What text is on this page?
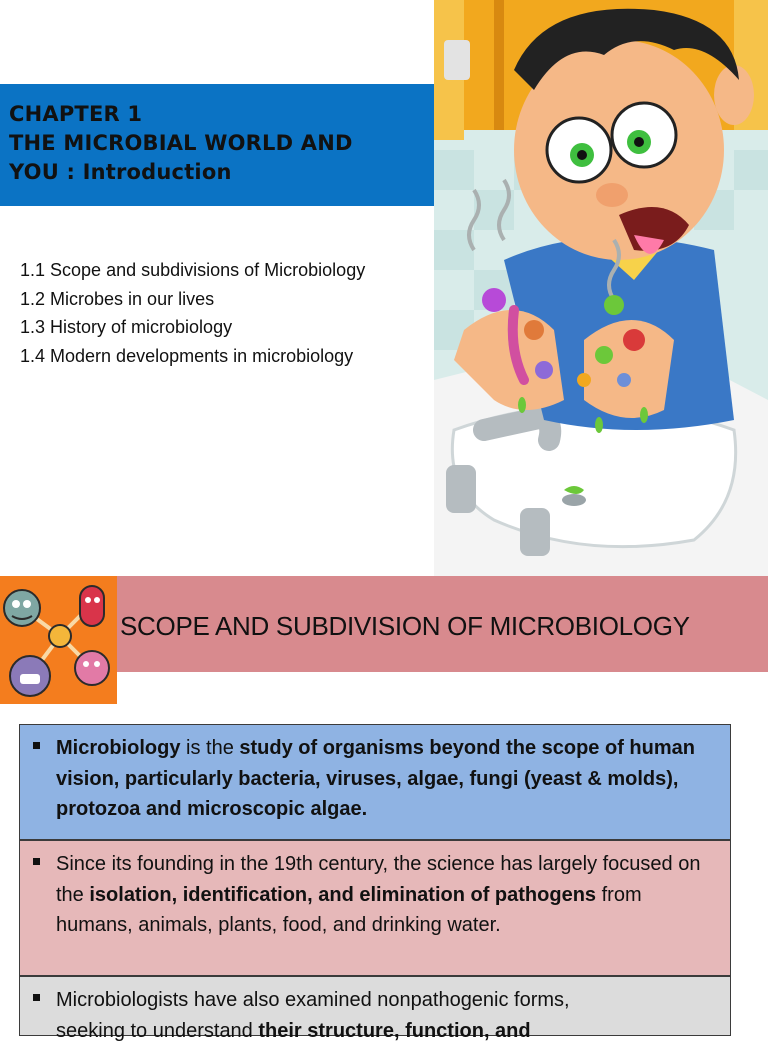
CHAPTER 1
THE MICROBIAL WORLD AND
YOU : Introduction
1.1 Scope and subdivisions of Microbiology
1.2 Microbes in our lives
1.3 History of microbiology
1.4 Modern developments in microbiology
SCOPE AND SUBDIVISION OF MICROBIOLOGY
Microbiology is the study of organisms beyond the scope of human vision, particularly bacteria, viruses, algae, fungi (yeast & molds), protozoa and microscopic algae.
Since its founding in the 19th century, the science has largely focused on the isolation, identification, and elimination of pathogens from humans, animals, plants, food, and drinking water.
Microbiologists have also examined nonpathogenic forms,
seeking to understand their structure, function, and
